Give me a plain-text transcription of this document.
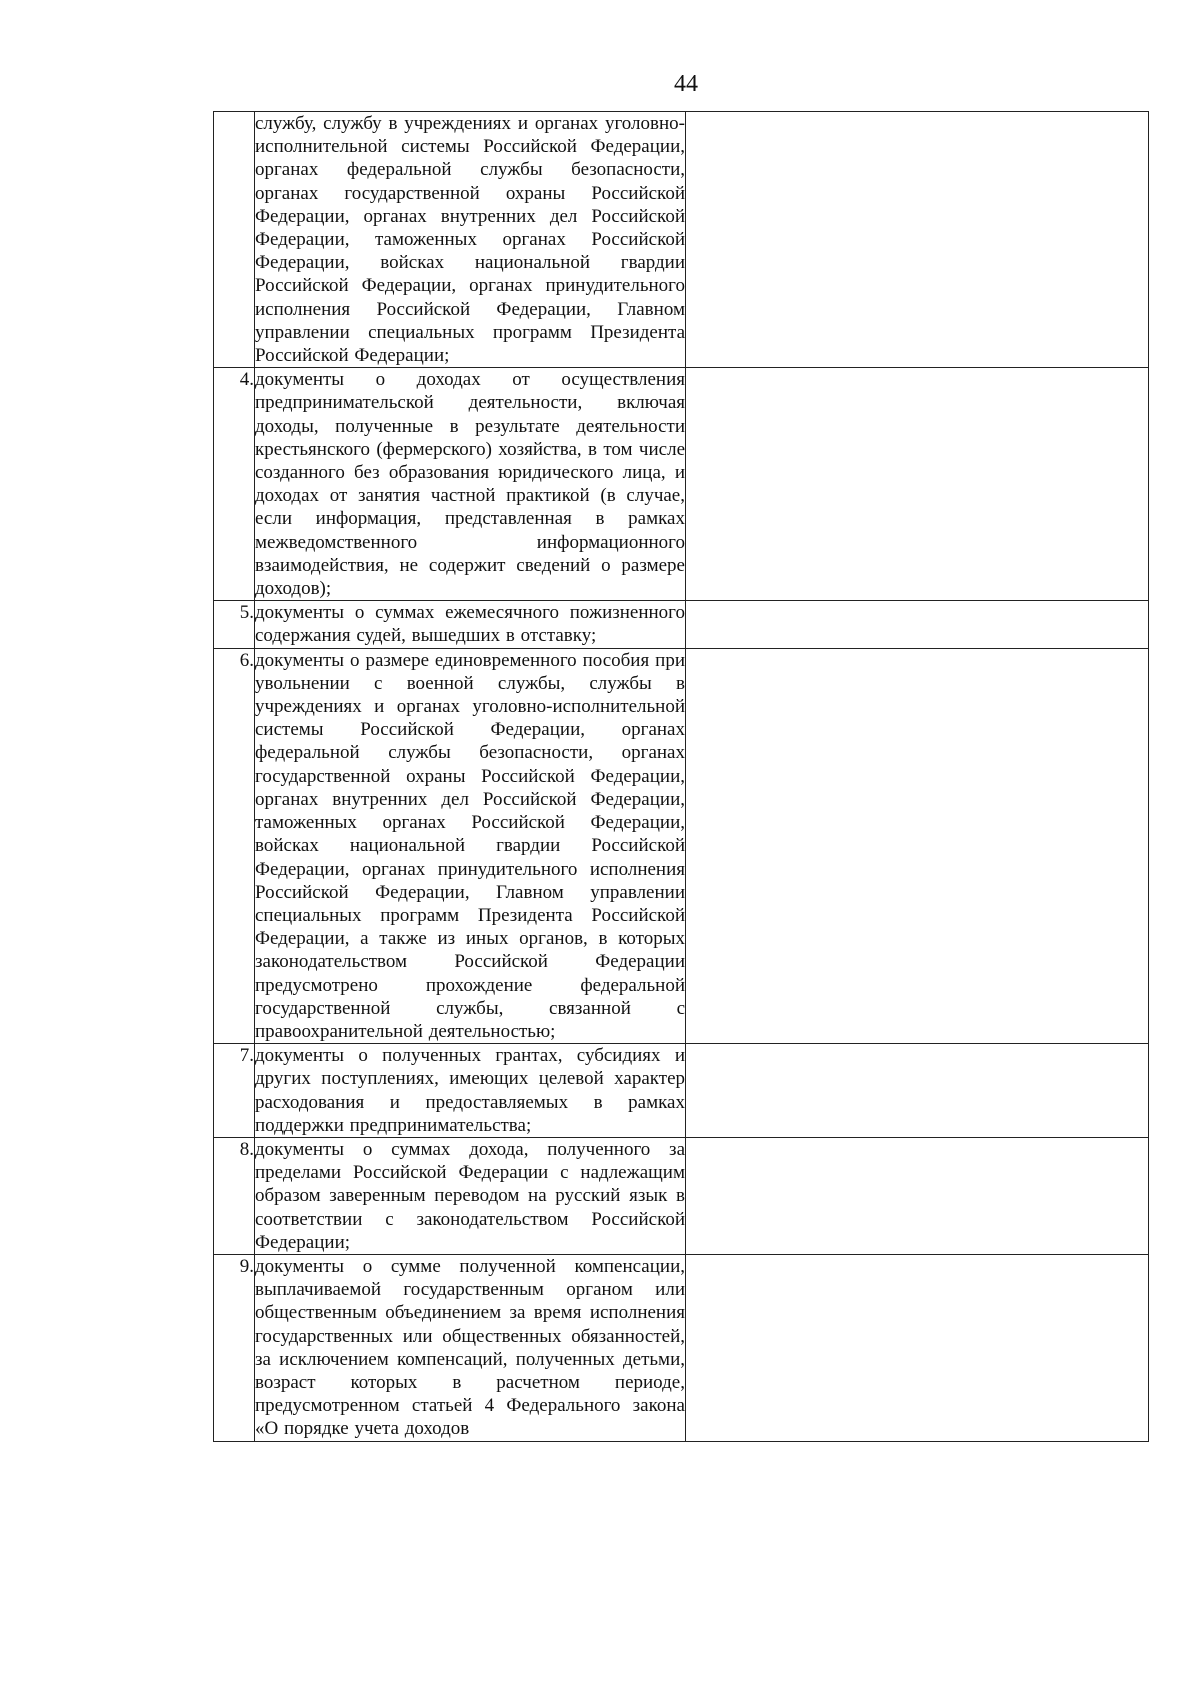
44

	службу, службу в учреждениях и органах уголовно-исполнительной системы Российской Федерации, органах федеральной службы безопасности, органах государственной охраны Российской Федерации, органах внутренних дел Российской Федерации, таможенных органах Российской Федерации, войсках национальной гвардии Российской Федерации, органах принудительного исполнения Российской Федерации, Главном управлении специальных программ Президента Российской Федерации;	

4.	документы о доходах от осуществления предпринимательской деятельности, включая доходы, полученные в результате деятельности крестьянского (фермерского) хозяйства, в том числе созданного без образования юридического лица, и доходах от занятия частной практикой (в случае, если информация, представленная в рамках межведомственного информационного взаимодействия, не содержит сведений о размере доходов);	

5.	документы о суммах ежемесячного пожизненного содержания судей, вышедших в отставку;	

6.	документы о размере единовременного пособия при увольнении с военной службы, службы в учреждениях и органах уголовно-исполнительной системы Российской Федерации, органах федеральной службы безопасности, органах государственной охраны Российской Федерации, органах внутренних дел Российской Федерации, таможенных органах Российской Федерации, войсках национальной гвардии Российской Федерации, органах принудительного исполнения Российской Федерации, Главном управлении специальных программ Президента Российской Федерации, а также из иных органов, в которых законодательством Российской Федерации предусмотрено прохождение федеральной государственной службы, связанной с правоохранительной деятельностью;	

7.	документы о полученных грантах, субсидиях и других поступлениях, имеющих целевой характер расходования и предоставляемых в рамках поддержки предпринимательства;	

8.	документы о суммах дохода, полученного за пределами Российской Федерации с надлежащим образом заверенным переводом на русский язык в соответствии с законодательством Российской Федерации;	

9.	документы о сумме полученной компенсации, выплачиваемой государственным органом или общественным объединением за время исполнения государственных или общественных обязанностей, за исключением компенсаций, полученных детьми, возраст которых в расчетном периоде, предусмотренном статьей 4 Федерального закона «О порядке учета доходов	
